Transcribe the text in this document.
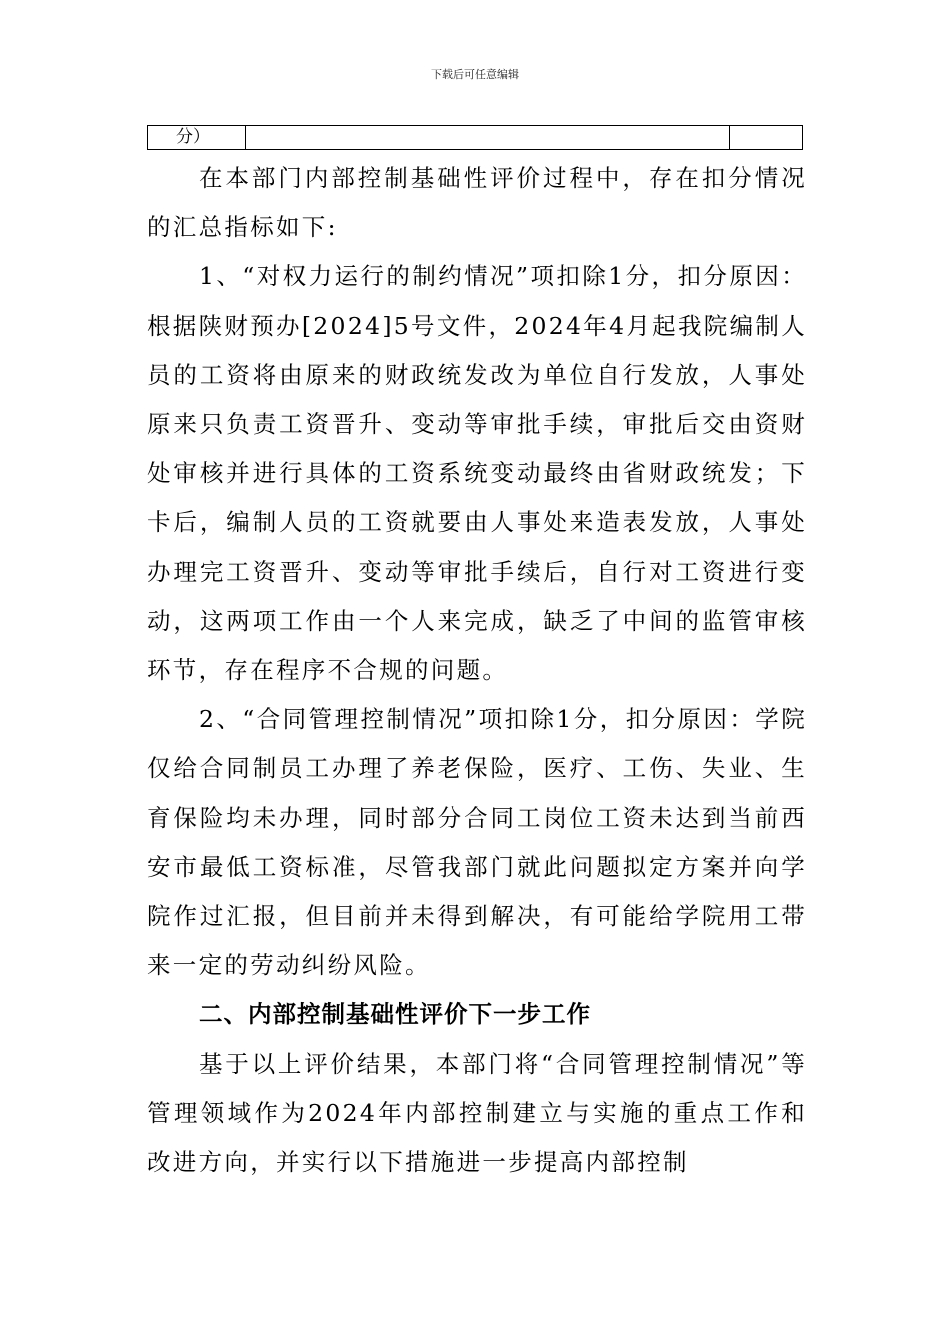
下载后可任意编辑
分）

在本部门内部控制基础性评价过程中，存在扣分情况的汇总指标如下:

1、“对权力运行的制约情况”项扣除1分，扣分原因：根据陕财预办[2024]5号文件，2024年4月起我院编制人员的工资将由原来的财政统发改为单位自行发放，人事处原来只负责工资晋升、变动等审批手续，审批后交由资财处审核并进行具体的工资系统变动最终由省财政统发；下卡后，编制人员的工资就要由人事处来造表发放，人事处办理完工资晋升、变动等审批手续后，自行对工资进行变动，这两项工作由一个人来完成，缺乏了中间的监管审核环节，存在程序不合规的问题。

2、“合同管理控制情况”项扣除1分，扣分原因：学院仅给合同制员工办理了养老保险，医疗、工伤、失业、生育保险均未办理，同时部分合同工岗位工资未达到当前西安市最低工资标准，尽管我部门就此问题拟定方案并向学院作过汇报，但目前并未得到解决，有可能给学院用工带来一定的劳动纠纷风险。

二、内部控制基础性评价下一步工作

基于以上评价结果，本部门将“合同管理控制情况”等管理领域作为2024年内部控制建立与实施的重点工作和改进方向，并实行以下措施进一步提高内部控制
